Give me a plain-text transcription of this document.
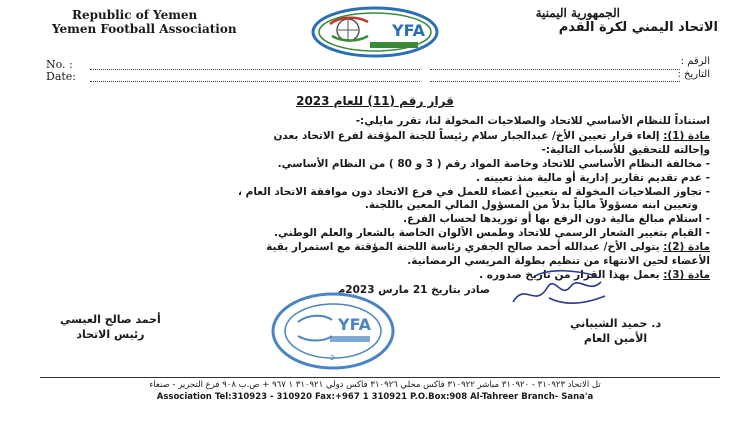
Republic of Yemen
Yemen Football Association
الجمهورية اليمنية
الاتحاد اليمني لكرة القدم
YFA
No. :
Date:
الرقم :
التاريخ :
قرار رقم (11) للعام 2023
استناداً للنظام الأساسي للاتحاد والصلاحيات المخولة لنا، تقرر مايلي:-
مادة (1): إلغاء قرار تعيين الأخ/ عبدالجبار سلام رئيساً للجنة المؤقتة لفرع الاتحاد بعدن
وإحالته للتحقيق للأسباب التالية:-
- مخالفة النظام الأساسي للاتحاد وخاصة المواد رقم ( 3 و 80 ) من النظام الأساسي.
- عدم تقديم تقارير إدارية أو مالية منذ تعيينه .
- تجاوز الصلاحيات المخولة له بتعيين أعضاء للعمل في فرع الاتحاد دون موافقة الاتحاد العام ،
وتعيين ابنه مسؤولاً مالياً بدلاً من المسؤول المالي المعين باللجنة.
- استلام مبالغ مالية دون الرفع بها أو توريدها لحساب الفرع.
- القيام بتغيير الشعار الرسمي للاتحاد وطمس الألوان الخاصة بالشعار والعلم الوطني.
مادة (2): يتولى الأخ/ عبدالله أحمد صالح الجفري رئاسة اللجنة المؤقتة مع استمرار بقية
الأعضاء لحين الانتهاء من تنظيم بطولة المريسي الرمضانية.
مادة (3): يعمل بهذا القرار من تاريخ صدوره .
صادر بتاريخ 21 مارس 2023م
أحمد صالح العيسي
رئيس الاتحاد
د. حميد الشيباني
الأمين العام
YFA
2
تل الاتحاد ٣١٠٩٢٣ - ٣١٠٩٢٠ مباشر ٣١٠٩٢٢ فاكس محلي ٣١٠٩٢٦ فاكس دولي ٣١٠٩٢١ ١ ٩٦٧ + ص.ب ٩٠٨ فرع التحرير - صنعاء
Association Tel:310923 - 310920 Fax:+967 1 310921 P.O.Box:908 Al-Tahreer Branch- Sana'a
